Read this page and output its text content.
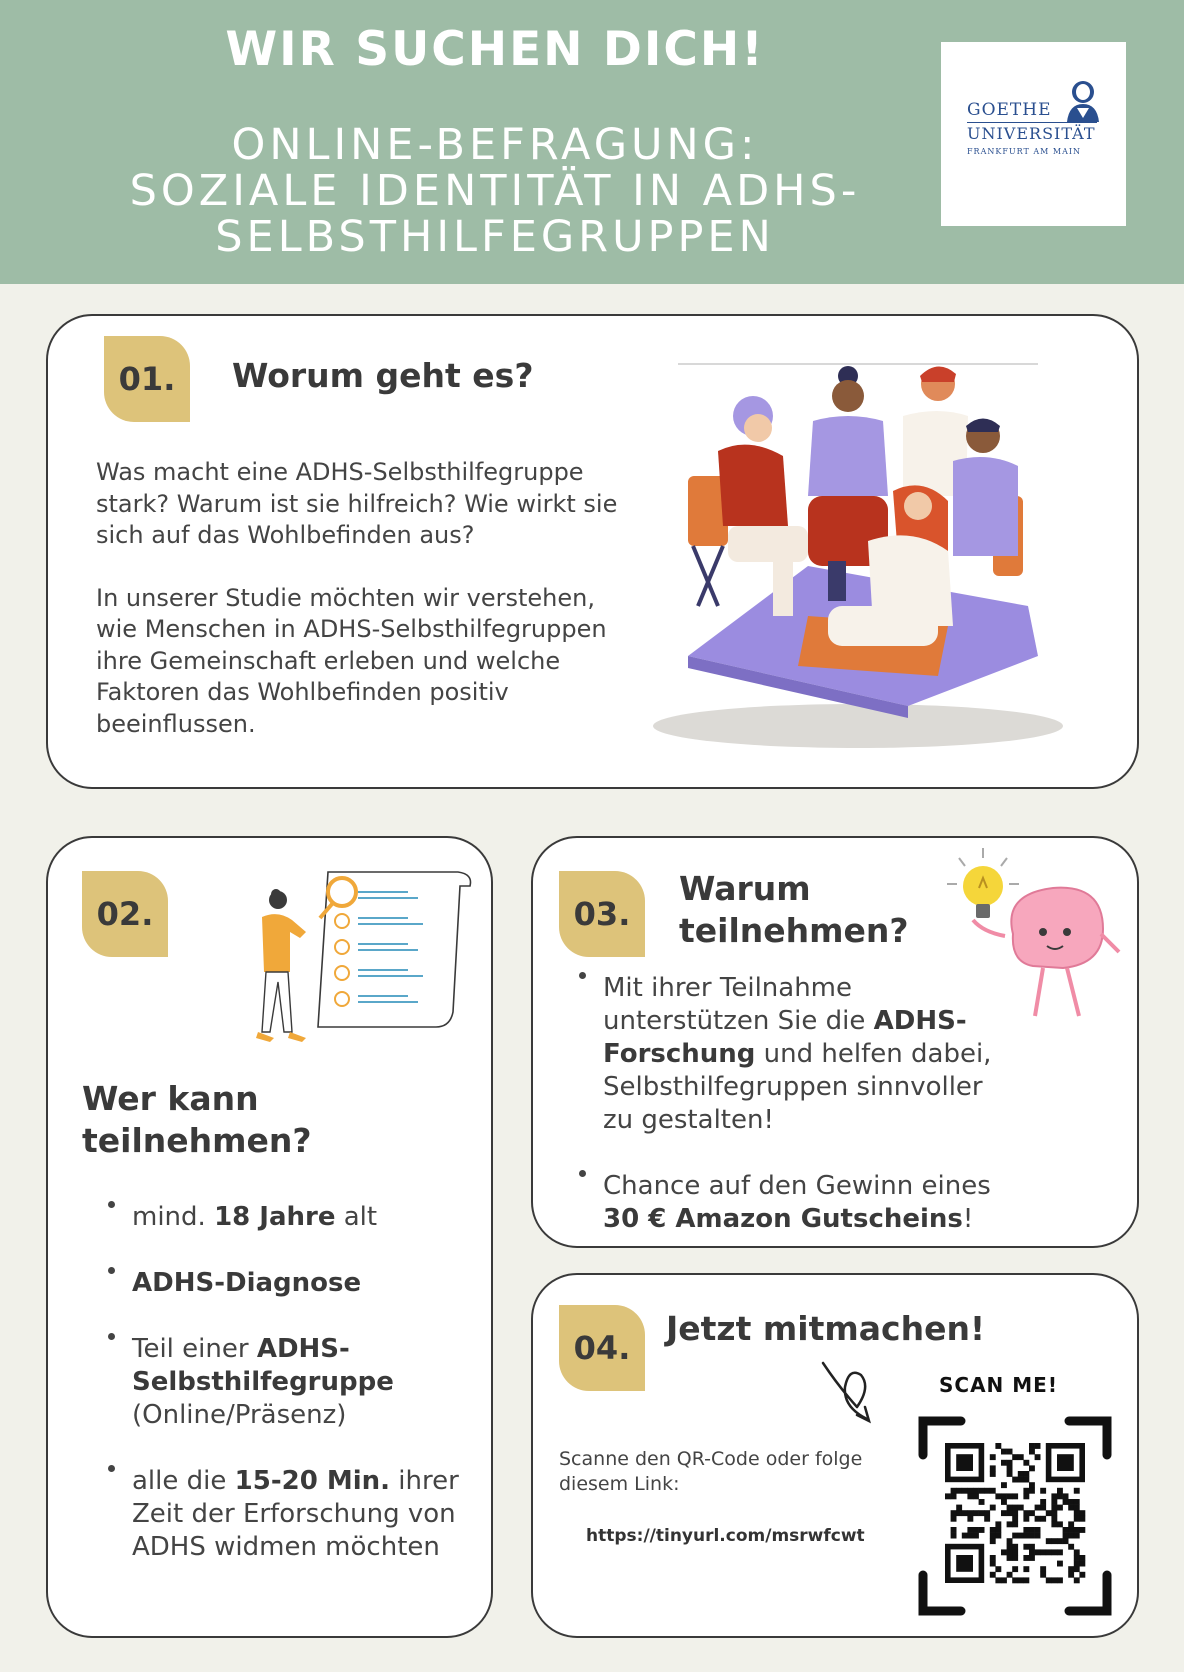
WIR SUCHEN DICH!
ONLINE-BEFRAGUNG:
SOZIALE IDENTITÄT IN ADHS-
SELBSTHILFEGRUPPEN
GOETHE
UNIVERSITÄT
FRANKFURT AM MAIN
01.	Worum geht es?

Was macht eine ADHS-Selbsthilfegruppe stark? Warum ist sie hilfreich? Wie wirkt sie sich auf das Wohlbefinden aus?

In unserer Studie möchten wir verstehen, wie Menschen in ADHS-Selbsthilfegruppen ihre Gemeinschaft erleben und welche Faktoren das Wohlbefinden positiv beeinflussen.

02.
Wer kann
teilnehmen?
mind. 18 Jahre alt
ADHS-Diagnose
Teil einer ADHS-Selbsthilfegruppe (Online/Präsenz)
alle die 15-20 Min. ihrer Zeit der Erforschung von ADHS widmen möchten
03.
Warum
teilnehmen?
Mit ihrer Teilnahme unterstützen Sie die ADHS-Forschung und helfen dabei, Selbsthilfegruppen sinnvoller zu gestalten!
Chance auf den Gewinn eines 30 € Amazon Gutscheins!
04.	Jetzt mitmachen!
SCAN ME!
Scanne den QR-Code oder folge diesem Link:
https://tinyurl.com/msrwfcwt
